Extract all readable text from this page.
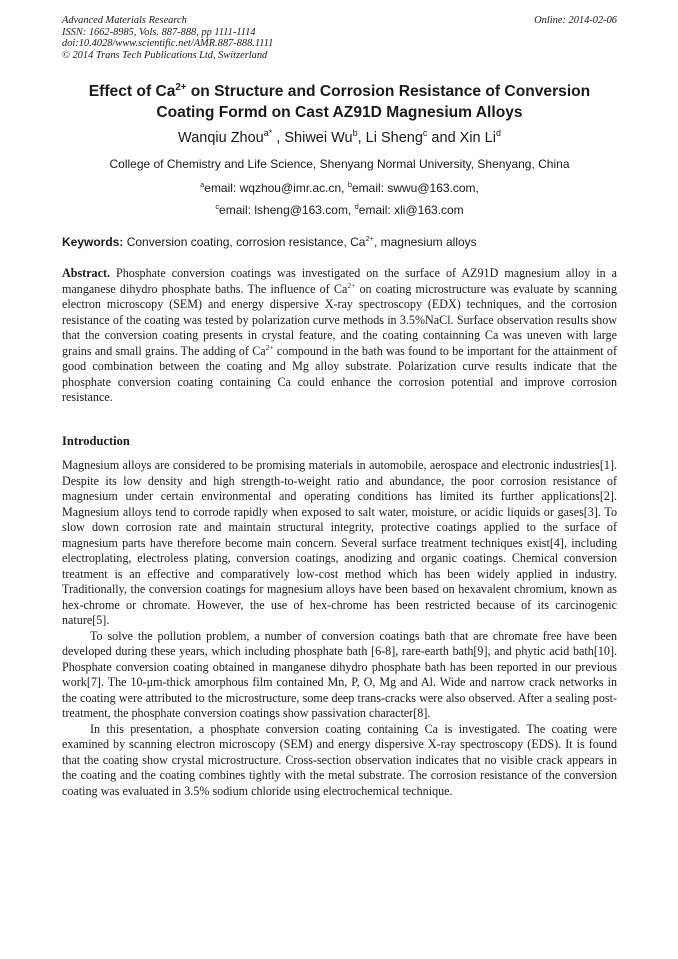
Advanced Materials Research
ISSN: 1662-8985, Vols. 887-888, pp 1111-1114
doi:10.4028/www.scientific.net/AMR.887-888.1111
© 2014 Trans Tech Publications Ltd, Switzerland
Online: 2014-02-06
Effect of $Ca^{2+}$ on Structure and Corrosion Resistance of Conversion
Coating Formd on Cast AZ91D Magnesium Alloys
Wanqiu Zhou$^{a*}$ , Shiwei Wu$^b$, Li Sheng$^c$ and Xin Li$^d$
College of Chemistry and Life Science, Shenyang Normal University, Shenyang, China
$^a$email: wqzhou@imr.ac.cn, $^b$email: swwu@163.com,
$^c$email: lsheng@163.com, $^d$email: xli@163.com
Keywords: Conversion coating, corrosion resistance, $Ca^{2+}$, magnesium alloys
Abstract. Phosphate conversion coatings was investigated on the surface of AZ91D magnesium alloy in a manganese dihydro phosphate baths. The influence of $Ca^{2+}$ on coating microstructure was evaluate by scanning electron microscopy (SEM) and energy dispersive X-ray spectroscopy (EDX) techniques, and the corrosion resistance of the coating was tested by polarization curve methods in 3.5%NaCl. Surface observation results show that the conversion coating presents in crystal feature, and the coating containning Ca was uneven with large grains and small grains. The adding of $Ca^{2+}$ compound in the bath was found to be important for the attainment of good combination between the coating and Mg alloy substrate. Polarization curve results indicate that the phosphate conversion coating containing Ca could enhance the corrosion potential and improve corrosion resistance.
Introduction

Magnesium alloys are considered to be promising materials in automobile, aerospace and electronic industries[1]. Despite its low density and high strength-to-weight ratio and abundance, the poor corrosion resistance of magnesium under certain environmental and operating conditions has limited its further applications[2]. Magnesium alloys tend to corrode rapidly when exposed to salt water, moisture, or acidic liquids or gases[3]. To slow down corrosion rate and maintain structural integrity, protective coatings applied to the surface of magnesium parts have therefore become main concern. Several surface treatment techniques exist[4], including electroplating, electroless plating, conversion coatings, anodizing and organic coatings. Chemical conversion treatment is an effective and comparatively low-cost method which has been widely applied in industry. Traditionally, the conversion coatings for magnesium alloys have been based on hexavalent chromium, known as hex-chrome or chromate. However, the use of hex-chrome has been restricted because of its carcinogenic nature[5].

To solve the pollution problem, a number of conversion coatings bath that are chromate free have been developed during these years, which including phosphate bath [6-8], rare-earth bath[9], and phytic acid bath[10]. Phosphate conversion coating obtained in manganese dihydro phosphate bath has been reported in our previous work[7]. The 10-μm-thick amorphous film contained Mn, P, O, Mg and Al. Wide and narrow crack networks in the coating were attributed to the microstructure, some deep trans-cracks were also observed. After a sealing post-treatment, the phosphate conversion coatings show passivation character[8].

In this presentation, a phosphate conversion coating containing Ca is investigated. The coating were examined by scanning electron microscopy (SEM) and energy dispersive X-ray spectroscopy (EDS). It is found that the coating show crystal microstructure. Cross-section observation indicates that no visible crack appears in the coating and the coating combines tightly with the metal substrate. The corrosion resistance of the conversion coating was evaluated in 3.5% sodium chloride using electrochemical technique.
